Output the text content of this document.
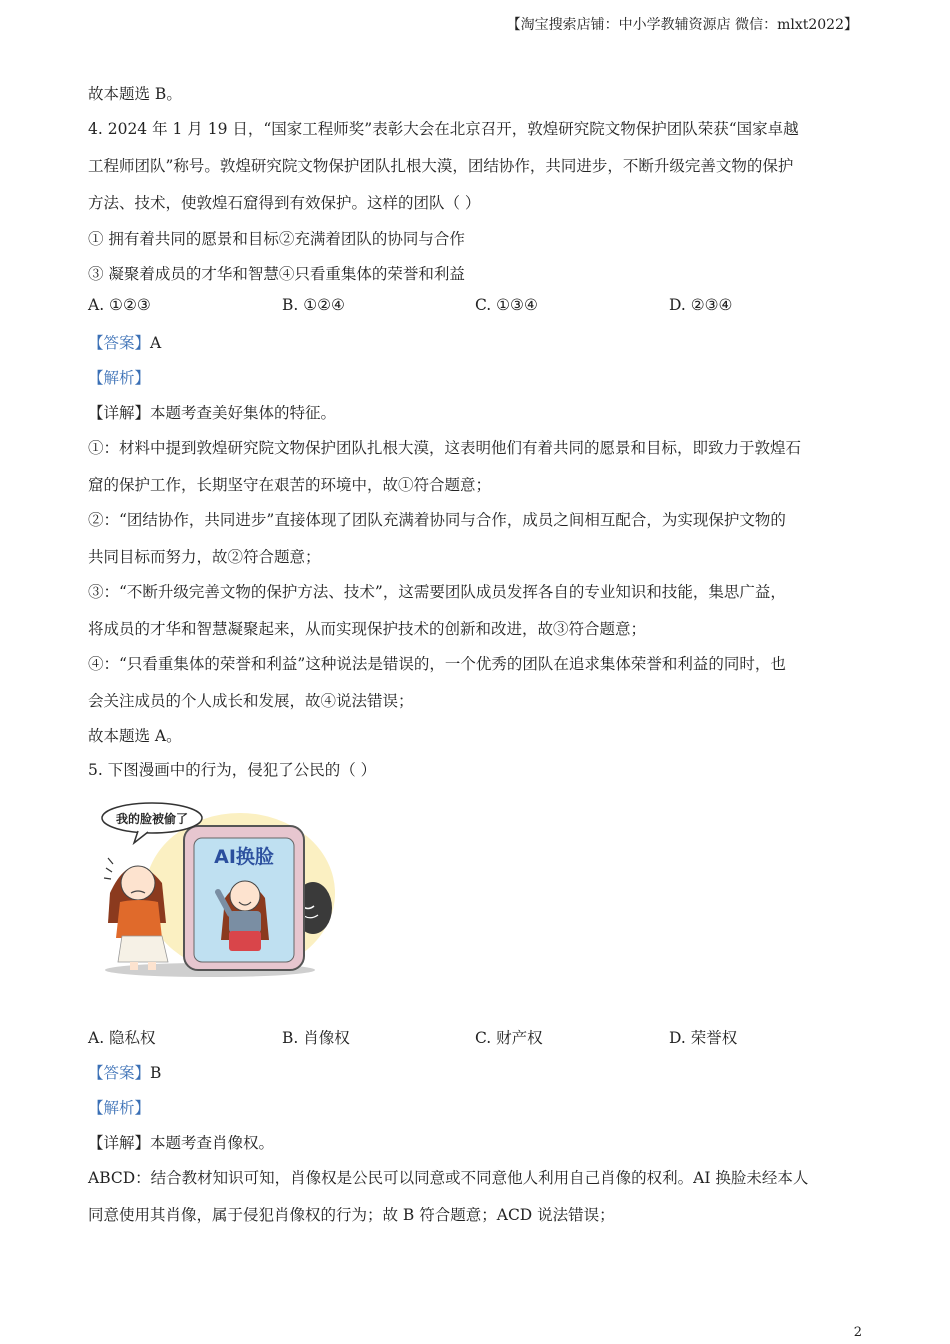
【淘宝搜索店铺：中小学教辅资源店 微信：mlxt2022】
故本题选 B。
4. 2024 年 1 月 19 日，“国家工程师奖”表彰大会在北京召开，敦煌研究院文物保护团队荣获“国家卓越
工程师团队”称号。敦煌研究院文物保护团队扎根大漠，团结协作，共同进步，不断升级完善文物的保护
方法、技术，使敦煌石窟得到有效保护。这样的团队（ ）
① 拥有着共同的愿景和目标②充满着团队的协同与合作
③ 凝聚着成员的才华和智慧④只看重集体的荣誉和利益
A. ①②③	B. ①②④	C. ①③④	D. ②③④
【答案】A
【解析】
【详解】本题考查美好集体的特征。
①：材料中提到敦煌研究院文物保护团队扎根大漠，这表明他们有着共同的愿景和目标，即致力于敦煌石
窟的保护工作，长期坚守在艰苦的环境中，故①符合题意；
②：“团结协作，共同进步”直接体现了团队充满着协同与合作，成员之间相互配合，为实现保护文物的
共同目标而努力，故②符合题意；
③：“不断升级完善文物的保护方法、技术”，这需要团队成员发挥各自的专业知识和技能，集思广益，
将成员的才华和智慧凝聚起来，从而实现保护技术的创新和改进，故③符合题意；
④：“只看重集体的荣誉和利益”这种说法是错误的，一个优秀的团队在追求集体荣誉和利益的同时，也
会关注成员的个人成长和发展，故④说法错误；
故本题选 A。
5. 下图漫画中的行为，侵犯了公民的（ ）
AI换脸
我的脸被偷了
A. 隐私权	B. 肖像权	C. 财产权	D. 荣誉权
【答案】B
【解析】
【详解】本题考查肖像权。
ABCD：结合教材知识可知，肖像权是公民可以同意或不同意他人利用自己肖像的权利。AI 换脸未经本人
同意使用其肖像，属于侵犯肖像权的行为；故 B 符合题意；ACD 说法错误；
2
